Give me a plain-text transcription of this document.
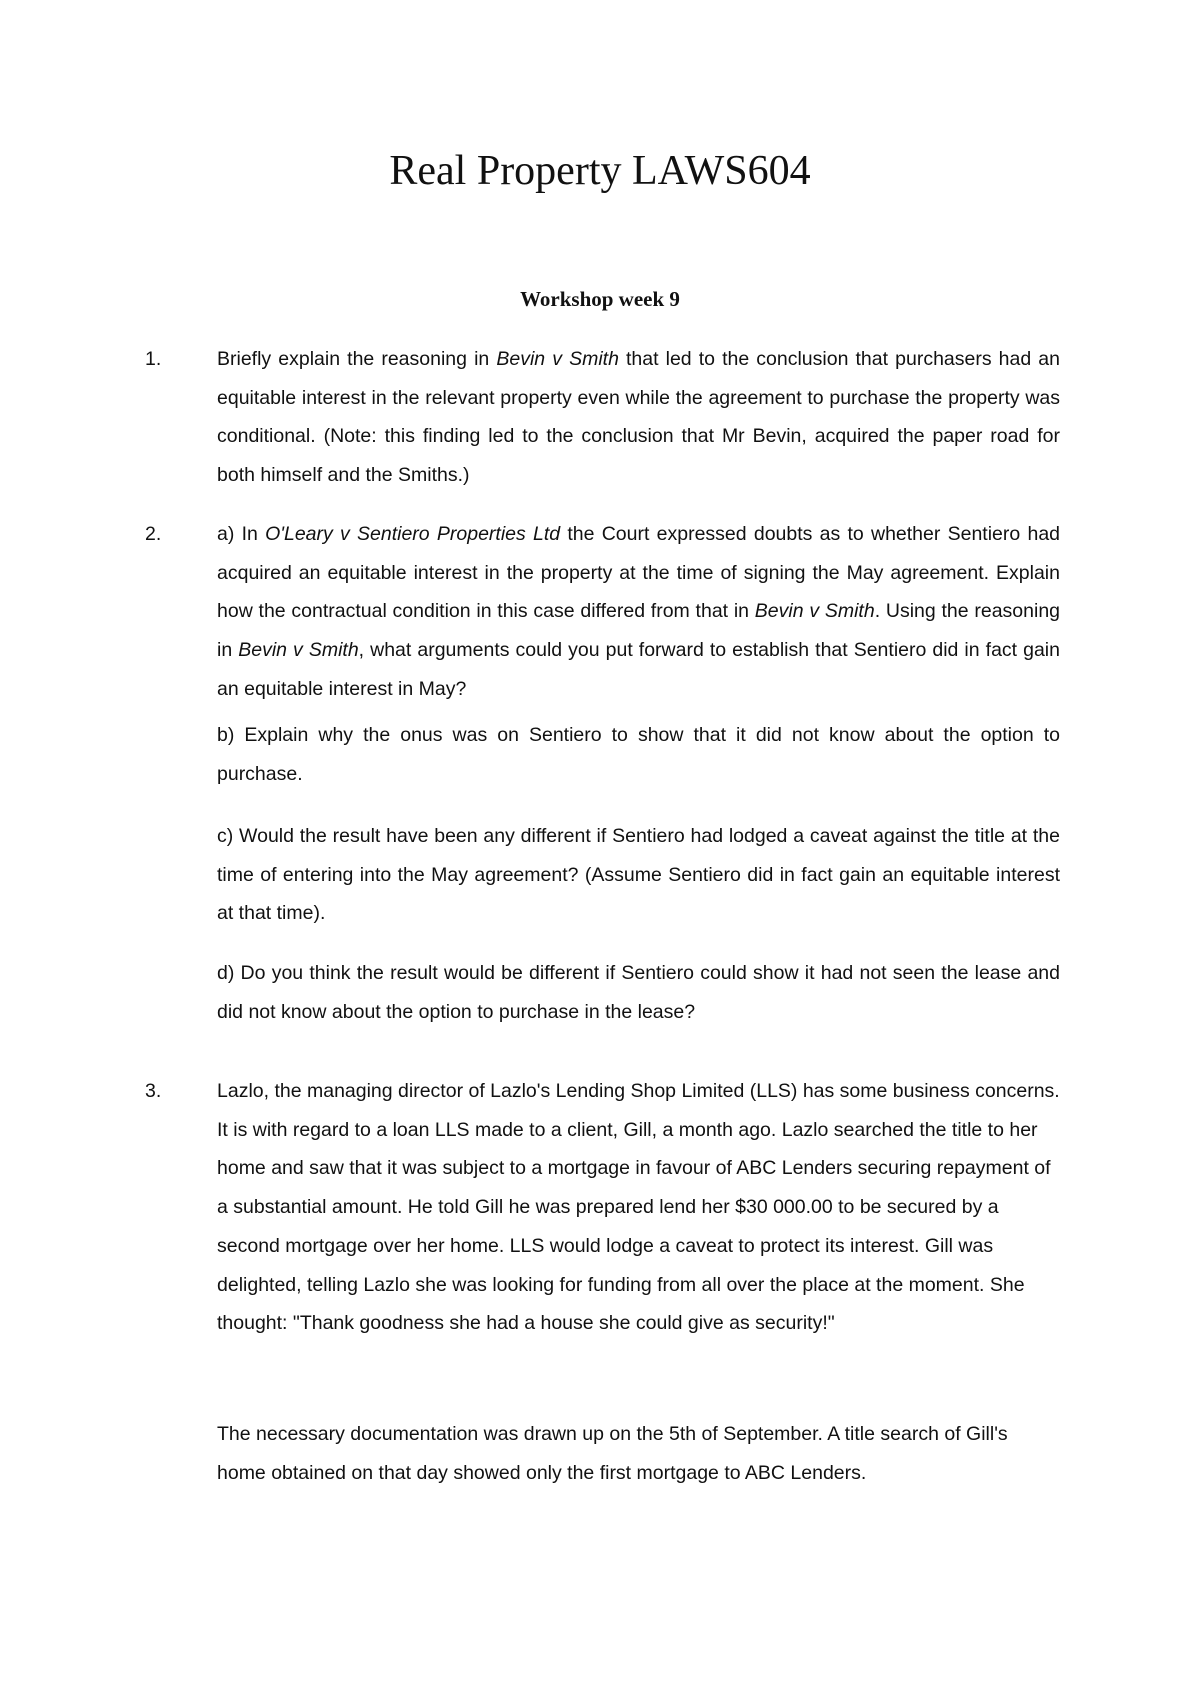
Real Property LAWS604
Workshop week 9
1.	Briefly explain the reasoning in Bevin v Smith that led to the conclusion that purchasers had an equitable interest in the relevant property even while the agreement to purchase the property was conditional. (Note: this finding led to the conclusion that Mr Bevin, acquired the paper road for both himself and the Smiths.)

2.	a) In O'Leary v Sentiero Properties Ltd the Court expressed doubts as to whether Sentiero had acquired an equitable interest in the property at the time of signing the May agreement. Explain how the contractual condition in this case differed from that in Bevin v Smith. Using the reasoning in Bevin v Smith, what arguments could you put forward to establish that Sentiero did in fact gain an equitable interest in May?

b) Explain why the onus was on Sentiero to show that it did not know about the option to purchase.

c) Would the result have been any different if Sentiero had lodged a caveat against the title at the time of entering into the May agreement? (Assume Sentiero did in fact gain an equitable interest at that time).

d) Do you think the result would be different if Sentiero could show it had not seen the lease and did not know about the option to purchase in the lease?

3.	Lazlo, the managing director of Lazlo's Lending Shop Limited (LLS) has some business concerns. It is with regard to a loan LLS made to a client, Gill, a month ago. Lazlo searched the title to her home and saw that it was subject to a mortgage in favour of ABC Lenders securing repayment of a substantial amount. He told Gill he was prepared lend her $30 000.00 to be secured by a second mortgage over her home. LLS would lodge a caveat to protect its interest. Gill was delighted, telling Lazlo she was looking for funding from all over the place at the moment. She thought: "Thank goodness she had a house she could give as security!"

The necessary documentation was drawn up on the 5th of September. A title search of Gill's home obtained on that day showed only the first mortgage to ABC Lenders.
